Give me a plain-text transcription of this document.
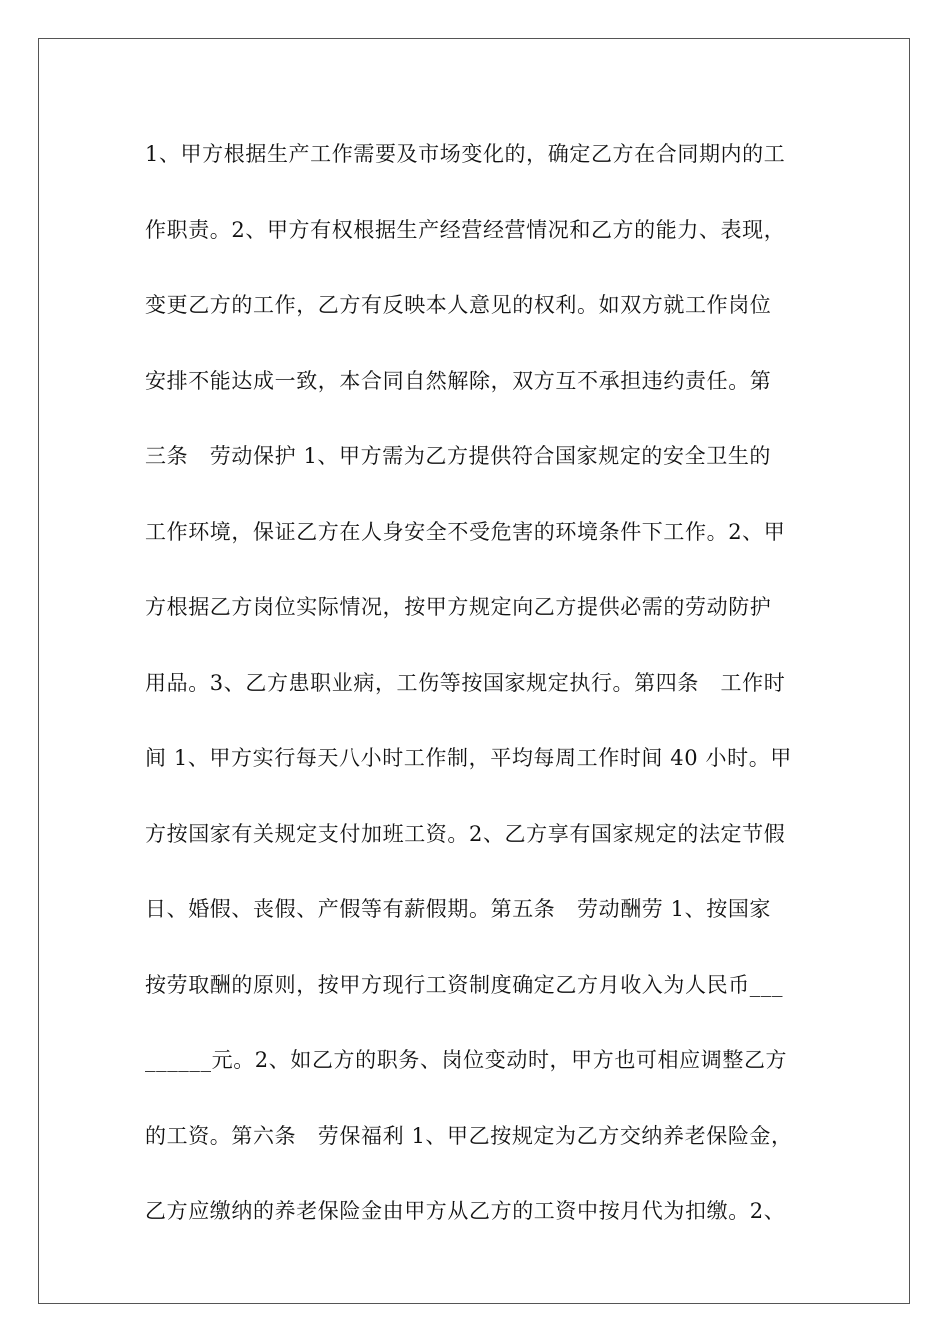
1、甲方根据生产工作需要及市场变化的，确定乙方在合同期内的工
作职责。2、甲方有权根据生产经营经营情况和乙方的能力、表现，
变更乙方的工作，乙方有反映本人意见的权利。如双方就工作岗位
安排不能达成一致，本合同自然解除，双方互不承担违约责任。第
三条　劳动保护 1、甲方需为乙方提供符合国家规定的安全卫生的
工作环境，保证乙方在人身安全不受危害的环境条件下工作。2、甲
方根据乙方岗位实际情况，按甲方规定向乙方提供必需的劳动防护
用品。3、乙方患职业病，工伤等按国家规定执行。第四条　工作时
间 1、甲方实行每天八小时工作制，平均每周工作时间 40 小时。甲
方按国家有关规定支付加班工资。2、乙方享有国家规定的法定节假
日、婚假、丧假、产假等有薪假期。第五条　劳动酬劳 1、按国家
按劳取酬的原则，按甲方现行工资制度确定乙方月收入为人民币___
______元。2、如乙方的职务、岗位变动时，甲方也可相应调整乙方
的工资。第六条　劳保福利 1、甲乙按规定为乙方交纳养老保险金，
乙方应缴纳的养老保险金由甲方从乙方的工资中按月代为扣缴。2、
